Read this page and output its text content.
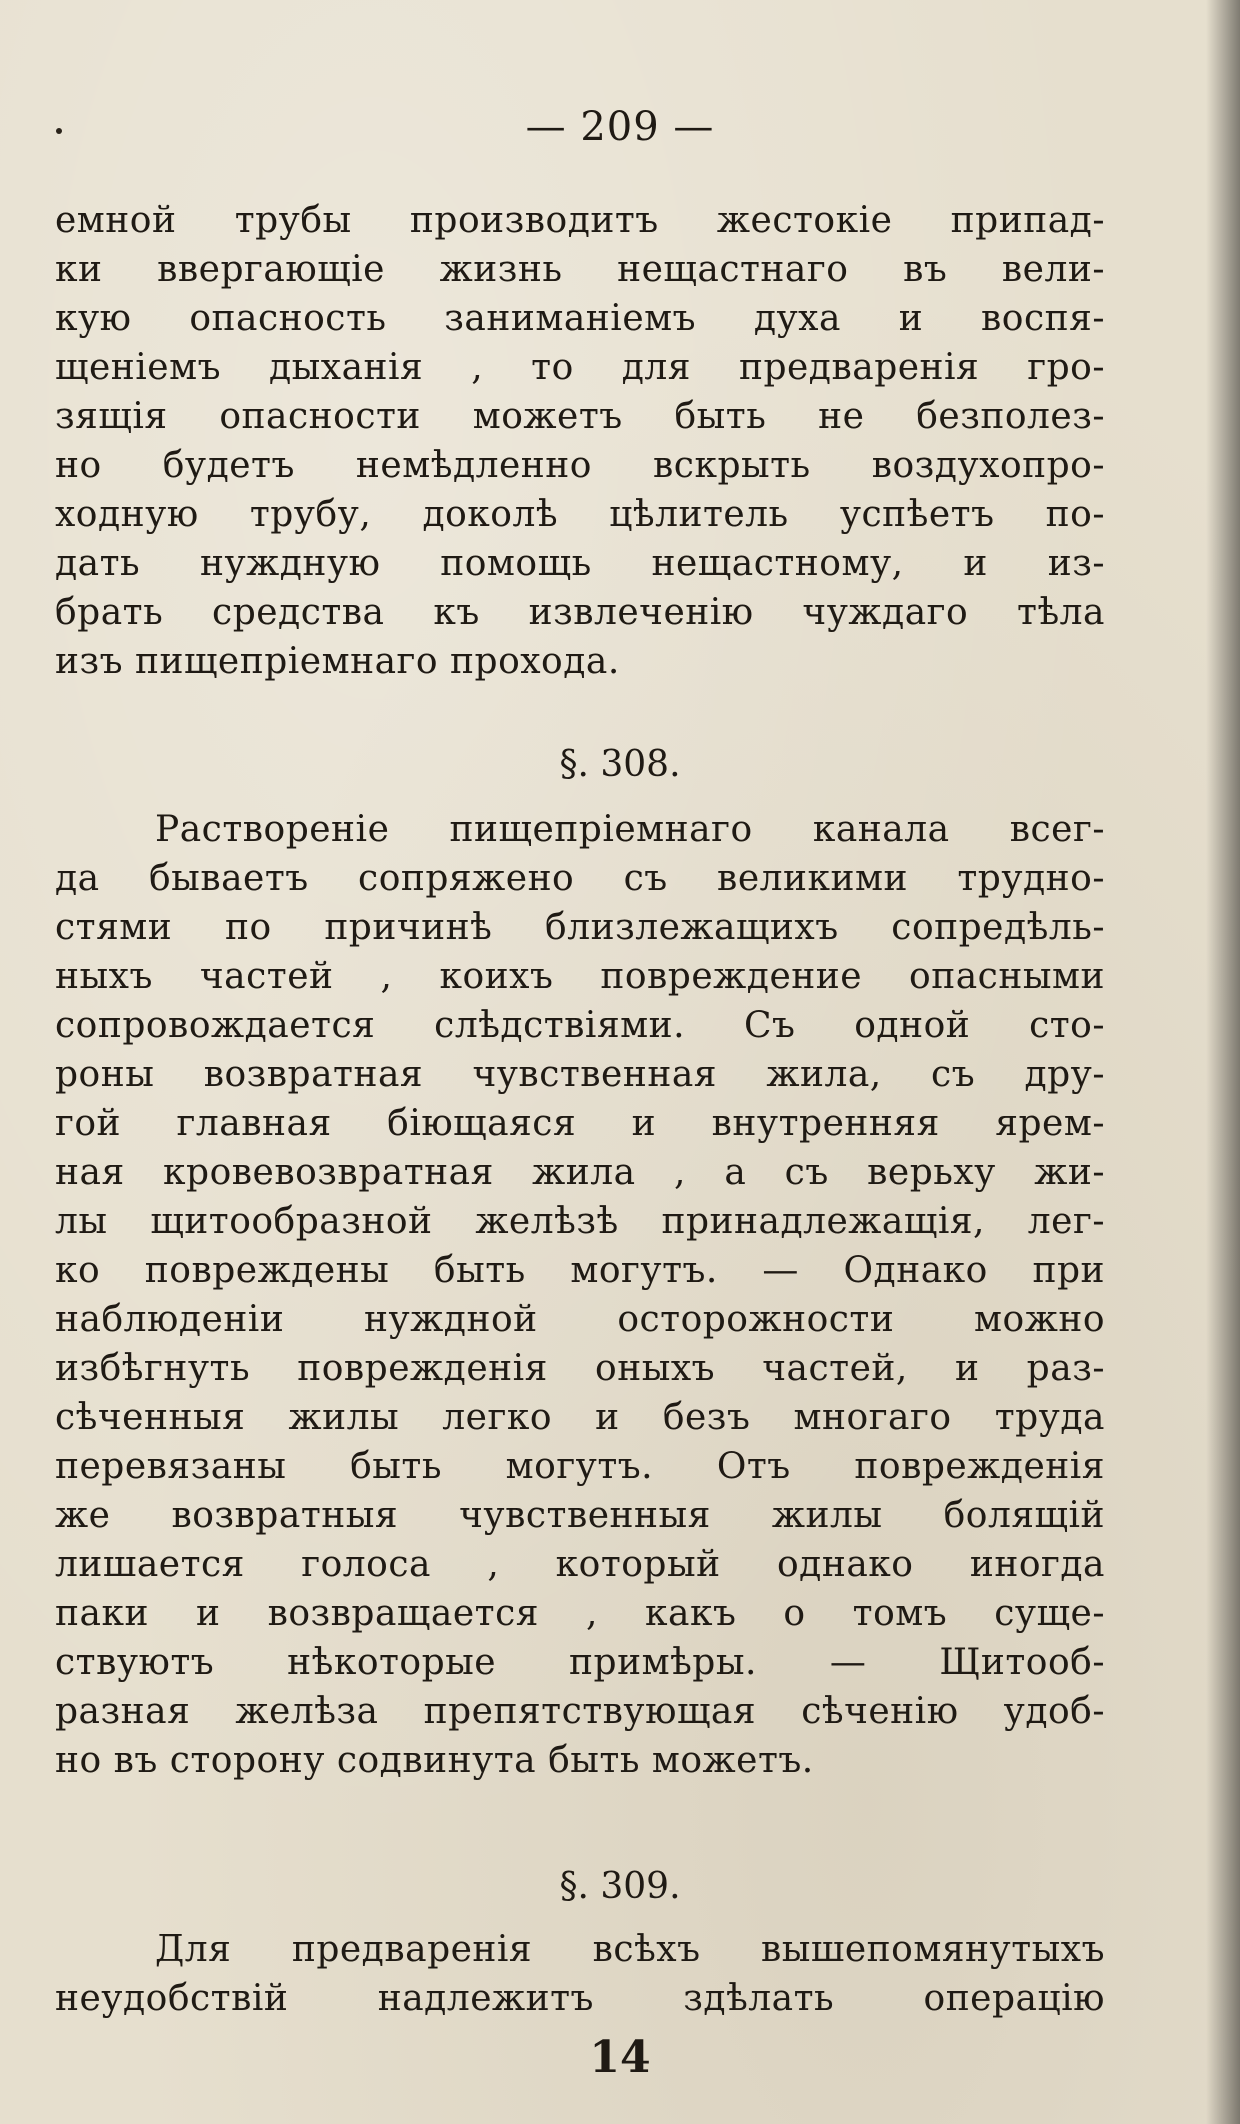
— 209 —
емной трубы производитъ жестокіе припад-
ки ввергающіе жизнь нещастнаго въ вели-
кую опасность заниманіемъ духа и воспя-
щеніемъ дыханія , то для предваренія гро-
зящія опасности можетъ быть не безполез-
но будетъ немѣдленно вскрыть воздухопро-
ходную трубу, доколѣ цѣлитель успѣетъ по-
дать нуждную помощь нещастному, и из-
брать средства къ извлеченію чуждаго тѣла
изъ пищепріемнаго прохода.
§. 308.
Раствореніе пищепріемнаго канала всег-
да бываетъ сопряжено съ великими трудно-
стями по причинѣ близлежащихъ сопредѣль-
ныхъ частей , коихъ повреждение опасными
сопровождается слѣдствіями. Съ одной сто-
роны возвратная чувственная жила, съ дру-
гой главная біющаяся и внутренняя ярем-
ная кровевозвратная жила , а съ верьху жи-
лы щитообразной желѣзѣ принадлежащія, лег-
ко повреждены быть могутъ. — Однако при
наблюденіи нуждной осторожности можно
избѣгнуть поврежденія оныхъ частей, и раз-
сѣченныя жилы легко и безъ многаго труда
перевязаны быть могутъ. Отъ поврежденія
же возвратныя чувственныя жилы болящій
лишается голоса , который однако иногда
паки и возвращается , какъ о томъ суще-
ствуютъ нѣкоторые примѣры. — Щитооб-
разная желѣза препятствующая сѣченію удоб-
но въ сторону содвинута быть можетъ.
§. 309.
Для предваренія всѣхъ вышепомянутыхъ
неудобствій надлежитъ здѣлать операцію
14
